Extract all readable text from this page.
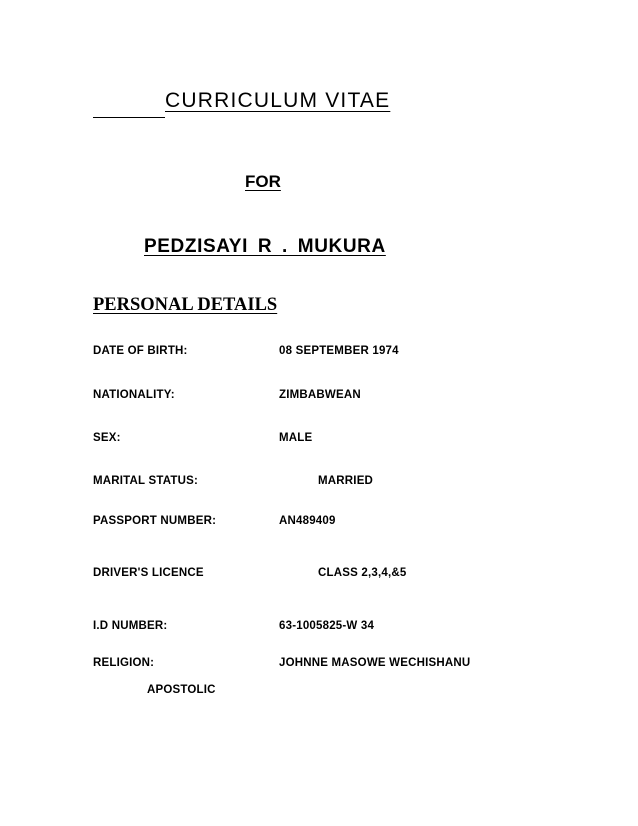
CURRICULUM VITAE
FOR
PEDZISAYI R . MUKURA
PERSONAL DETAILS
DATE OF BIRTH:	08 SEPTEMBER 1974
NATIONALITY:	ZIMBABWEAN
SEX:	MALE
MARITAL STATUS:	MARRIED
PASSPORT NUMBER:	AN489409
DRIVER'S LICENCE	CLASS 2,3,4,&5
I.D NUMBER:	63-1005825-W 34
RELIGION:	JOHNNE MASOWE WECHISHANU
APOSTOLIC
